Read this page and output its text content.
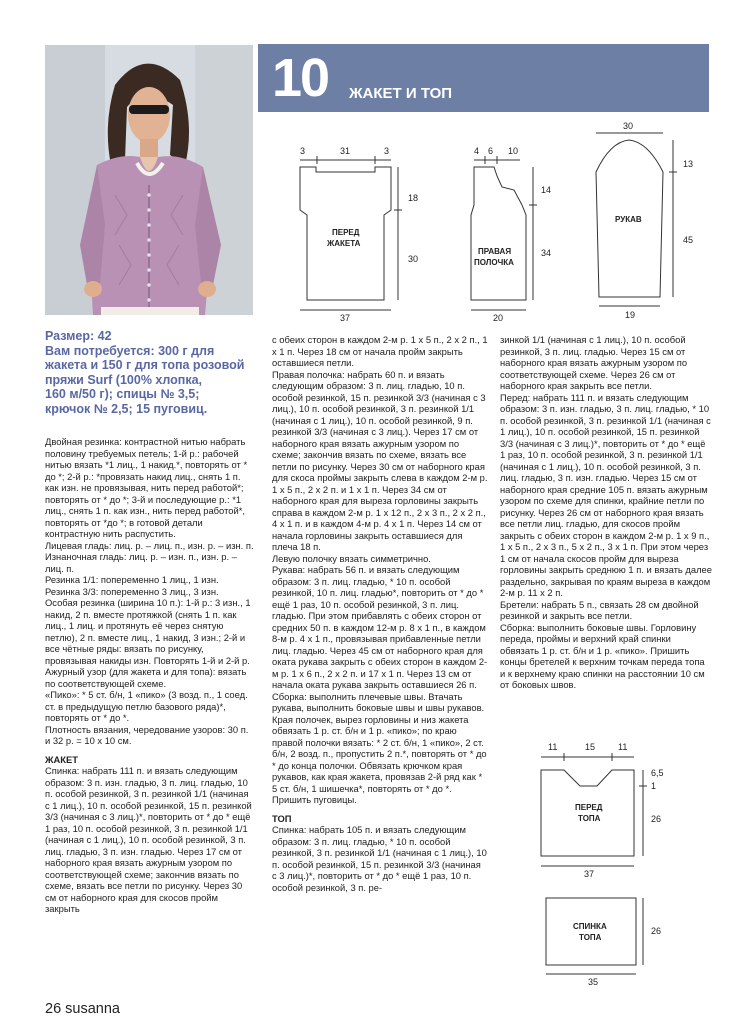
10 ЖАКЕТ И ТОП
3	31	3
18
30
37
ПЕРЕД
ЖАКЕТА
4 6 10
14
34
20
ПРАВАЯ
ПОЛОЧКА
30
13
45
19
РУКАВ
11	15	11
6,5
1
26
37
ПЕРЕД
ТОПА
26
35
СПИНКА
ТОПА
Размер: 42
Вам потребуется: 300 г для
жакета и 150 г для топа розовой
пряжи Surf (100% хлопка,
160 м/50 г); спицы № 3,5;
крючок № 2,5; 15 пуговиц.

Двойная резинка: контрастной нитью набрать половину требуемых петель; 1-й р.: рабочей нитью вязать *1 лиц., 1 накид.*, повторять от * до *; 2-й р.: *провязать накид лиц., снять 1 п. как изн. не провязывая, нить перед работой*; повторять от * до *; 3-й и последующие р.: *1 лиц., снять 1 п. как изн., нить перед работой*, повторять от *до *; в готовой детали контрастную нить распустить.

Лицевая гладь: лиц. р. – лиц. п., изн. р. – изн. п.

Изнаночная гладь: лиц. р. – изн. п., изн. р. – лиц. п.

Резинка 1/1: попеременно 1 лиц., 1 изн.

Резинка 3/3: попеременно 3 лиц., 3 изн.

Особая резинка (ширина 10 п.): 1-й р.: 3 изн., 1 накид, 2 п. вместе протяжкой (снять 1 п. как лиц., 1 лиц. и протянуть её через снятую петлю), 2 п. вместе лиц., 1 накид, 3 изн.; 2-й и все чётные ряды: вязать по рисунку, провязывая накиды изн. Повторять 1-й и 2-й р.

Ажурный узор (для жакета и для топа): вязать по соответствующей схеме.

«Пико»: * 5 ст. б/н, 1 «пико» (3 возд. п., 1 соед. ст. в предыдущую петлю базового ряда)*, повторять от * до *.

Плотность вязания, чередование узоров: 30 п. и 32 р. = 10 х 10 см.

ЖАКЕТ

Спинка: набрать 111 п. и вязать следующим образом: 3 п. изн. гладью, 3 п. лиц. гладью, 10 п. особой резинкой, 3 п. резинкой 1/1 (начиная с 1 лиц.), 10 п. особой резинкой, 15 п. резинкой 3/3 (начиная с 3 лиц.)*, повторить от * до * ещё 1 раз, 10 п. особой резинкой, 3 п. резинкой 1/1 (начиная с 1 лиц.), 10 п. особой резинкой, 3 п. лиц. гладью, 3 п. изн. гладью. Через 17 см от наборного края вязать ажурным узором по соответствующей схеме; закончив вязать по схеме, вязать все петли по рисунку. Через 30 см от наборного края для скосов пройм закрыть

с обеих сторон в каждом 2-м р. 1 х 5 п., 2 х 2 п., 1 х 1 п. Через 18 см от начала пройм закрыть оставшиеся петли.

Правая полочка: набрать 60 п. и вязать следующим образом: 3 п. лиц. гладью, 10 п. особой резинкой, 15 п. резинкой 3/3 (начиная с 3 лиц.), 10 п. особой резинкой, 3 п. резинкой 1/1 (начиная с 1 лиц.), 10 п. особой резинкой, 9 п. резинкой 3/3 (начиная с 3 лиц.). Через 17 см от наборного края вязать ажурным узором по схеме; закончив вязать по схеме, вязать все петли по рисунку. Через 30 см от наборного края для скоса проймы закрыть слева в каждом 2-м р. 1 х 5 п., 2 х 2 п. и 1 х 1 п. Через 34 см от наборного края для выреза горловины закрыть справа в каждом 2-м р. 1 х 12 п., 2 х 3 п., 2 х 2 п., 4 х 1 п. и в каждом 4-м р. 4 х 1 п. Через 14 см от начала горловины закрыть оставшиеся для плеча 18 п.

Левую полочку вязать симметрично.

Рукава: набрать 56 п. и вязать следующим образом: 3 п. лиц. гладью, * 10 п. особой резинкой, 10 п. лиц. гладью*, повторить от * до * ещё 1 раз, 10 п. особой резинкой, 3 п. лиц. гладью. При этом прибавлять с обеих сторон от средних 50 п. в каждом 12-м р. 8 х 1 п., в каждом 8-м р. 4 х 1 п., провязывая прибавленные петли лиц. гладью. Через 45 см от наборного края для оката рукава закрыть с обеих сторон в каждом 2-м р. 1 х 6 п., 2 х 2 п. и 17 х 1 п. Через 13 см от начала оката рукава закрыть оставшиеся 26 п.

Сборка: выполнить плечевые швы. Втачать рукава, выполнить боковые швы и швы рукавов. Края полочек, вырез горловины и низ жакета обвязать 1 р. ст. б/н и 1 р. «пико»; по краю правой полочки вязать: * 2 ст. б/н, 1 «пико», 2 ст. б/н, 2 возд. п., пропустить 2 п.*, повторять от * до * до конца полочки. Обвязать крючком края рукавов, как края жакета, провязав 2-й ряд как * 5 ст. б/н, 1 шишечка*, повторять от * до *. Пришить пуговицы.

ТОП

Спинка: набрать 105 п. и вязать следующим образом: 3 п. лиц. гладью, * 10 п. особой резинкой, 3 п. резинкой 1/1 (начиная с 1 лиц.), 10 п. особой резинкой, 15 п. резинкой 3/3 (начиная с 3 лиц.)*, повторить от * до * ещё 1 раз, 10 п. особой резинкой, 3 п. ре-

зинкой 1/1 (начиная с 1 лиц.), 10 п. особой резинкой, 3 п. лиц. гладью. Через 15 см от наборного края вязать ажурным узором по соответствующей схеме. Через 26 см от наборного края закрыть все петли.

Перед: набрать 111 п. и вязать следующим образом: 3 п. изн. гладью, 3 п. лиц. гладью, * 10 п. особой резинкой, 3 п. резинкой 1/1 (начиная с 1 лиц.), 10 п. особой резинкой, 15 п. резинкой 3/3 (начиная с 3 лиц.)*, повторить от * до * ещё 1 раз, 10 п. особой резинкой, 3 п. резинкой 1/1 (начиная с 1 лиц.), 10 п. особой резинкой, 3 п. лиц. гладью, 3 п. изн. гладью. Через 15 см от наборного края средние 105 п. вязать ажурным узором по схеме для спинки, крайние петли по рисунку. Через 26 см от наборного края вязать все петли лиц. гладью, для скосов пройм закрыть с обеих сторон в каждом 2-м р. 1 х 9 п., 1 х 5 п., 2 х 3 п., 5 х 2 п., 3 х 1 п. При этом через 1 см от начала скосов пройм для выреза горловины закрыть среднюю 1 п. и вязать далее раздельно, закрывая по краям выреза в каждом 2-м р. 11 х 2 п.

Бретели: набрать 5 п., связать 28 см двойной резинкой и закрыть все петли.

Сборка: выполнить боковые швы. Горловину переда, проймы и верхний край спинки обвязать 1 р. ст. б/н и 1 р. «пико». Пришить концы бретелей к верхним точкам переда топа и к верхнему краю спинки на расстоянии 10 см от боковых швов.

26 susanna
